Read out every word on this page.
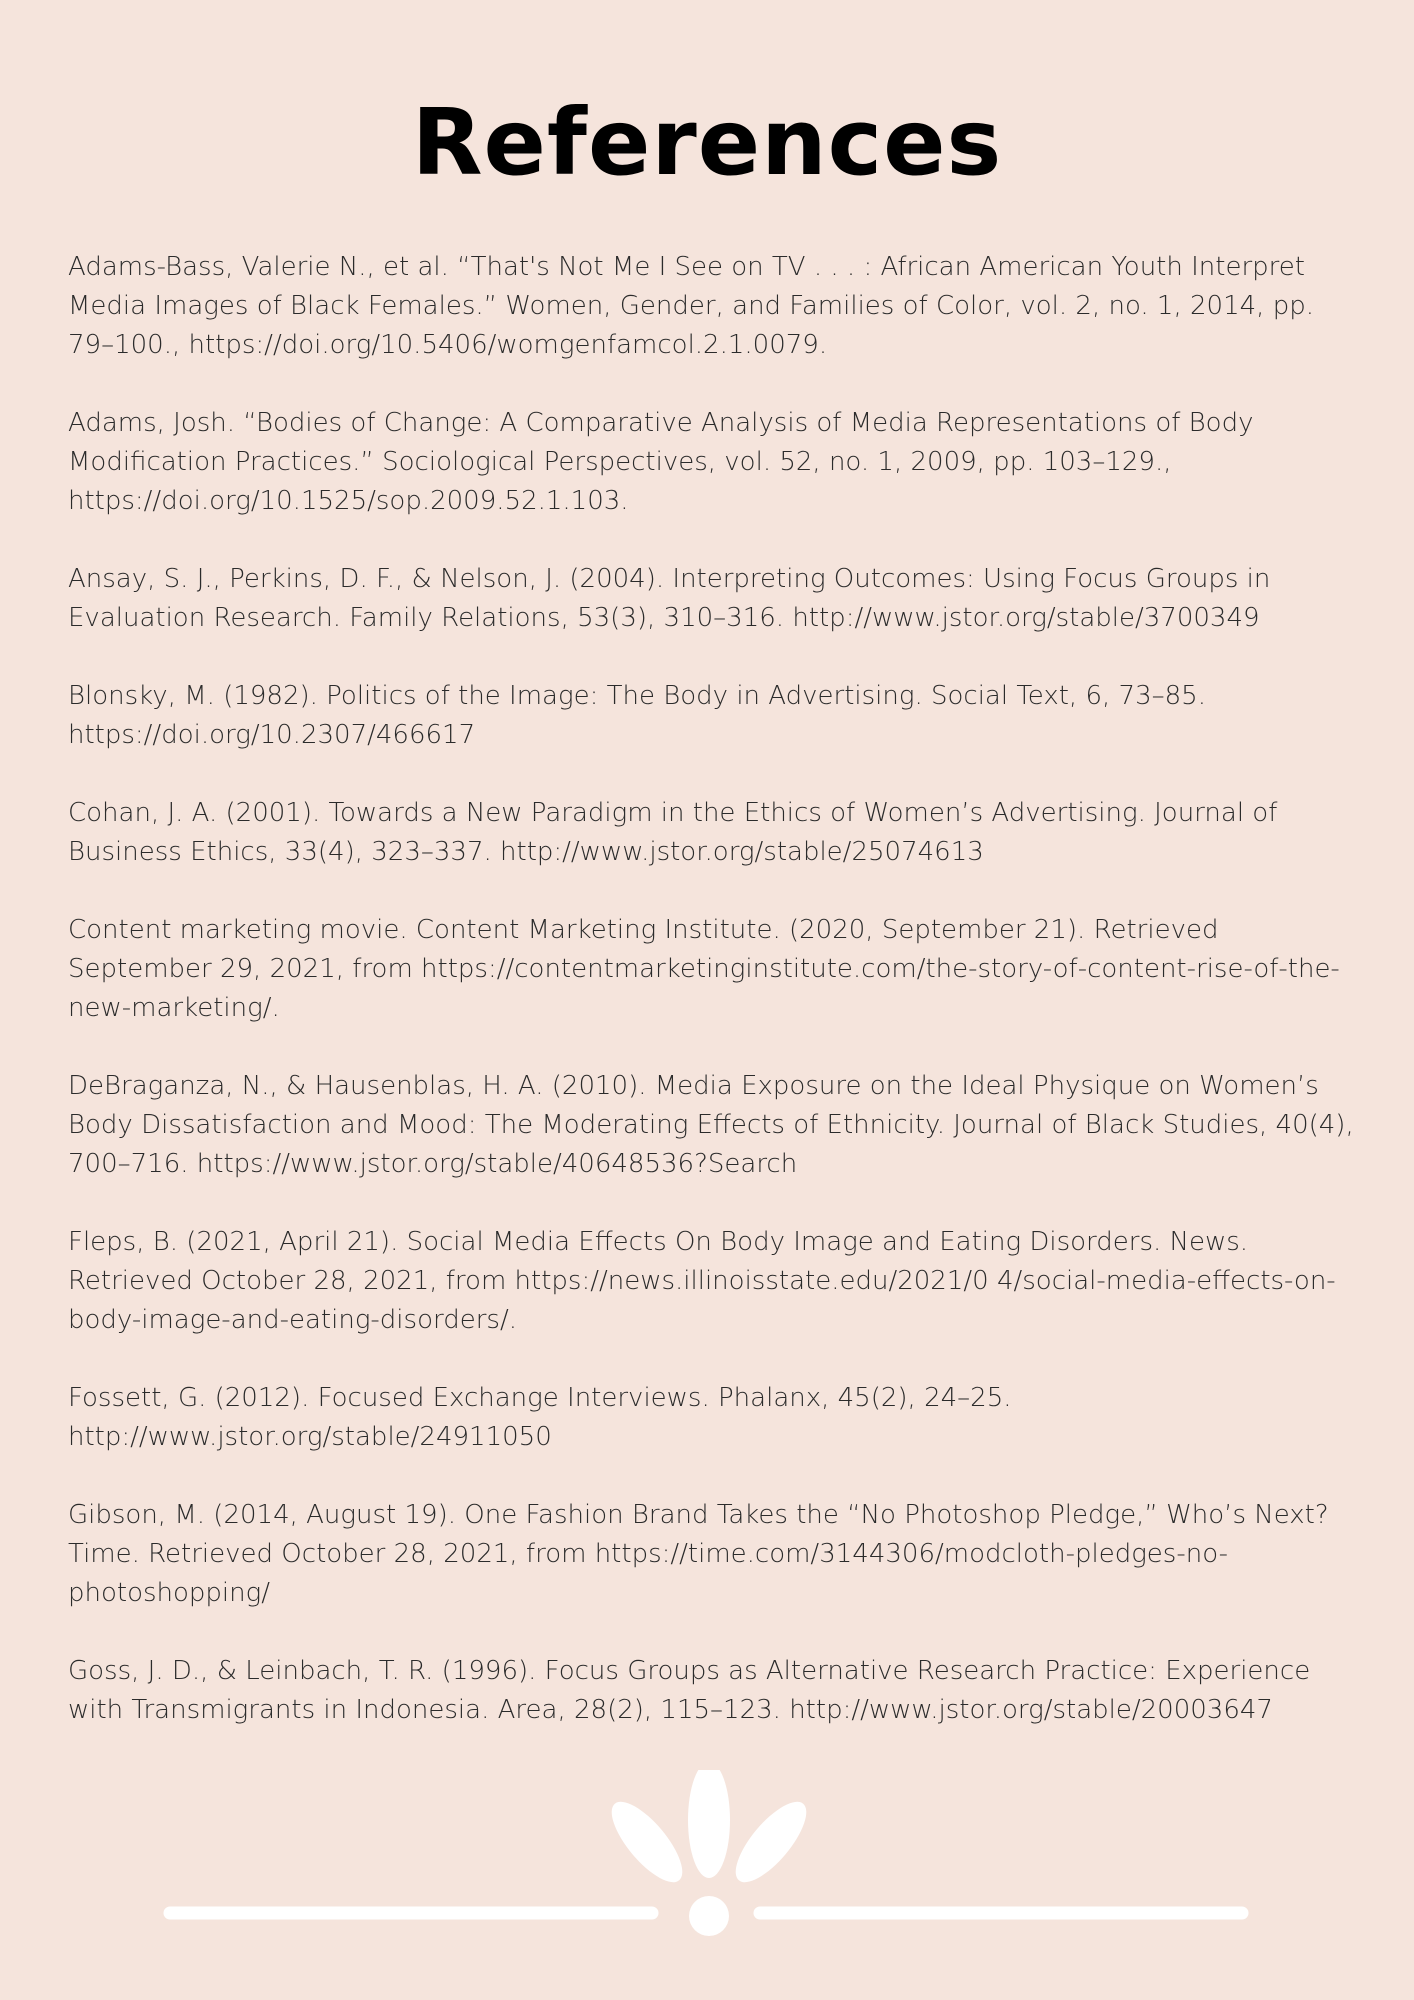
References
Adams-Bass, Valerie N., et al. “That's Not Me I See on TV . . . : African American Youth Interpret Media Images of Black Females.” Women, Gender, and Families of Color, vol. 2, no. 1, 2014, pp. 79–100., https://doi.org/10.5406/womgenfamcol.2.1.0079.
Adams, Josh. “Bodies of Change: A Comparative Analysis of Media Representations of Body Modification Practices.” Sociological Perspectives, vol. 52, no. 1, 2009, pp. 103–129., https://doi.org/10.1525/sop.2009.52.1.103.
Ansay, S. J., Perkins, D. F., & Nelson, J. (2004). Interpreting Outcomes: Using Focus Groups in Evaluation Research. Family Relations, 53(3), 310–316. http://www.jstor.org/stable/3700349
Blonsky, M. (1982). Politics of the Image: The Body in Advertising. Social Text, 6, 73–85. https://doi.org/10.2307/466617
Cohan, J. A. (2001). Towards a New Paradigm in the Ethics of Women’s Advertising. Journal of Business Ethics, 33(4), 323–337. http://www.jstor.org/stable/25074613
Content marketing movie. Content Marketing Institute. (2020, September 21). Retrieved September 29, 2021, from https://contentmarketinginstitute.com/the-story-of-content-rise-of-the-new-marketing/.
DeBraganza, N., & Hausenblas, H. A. (2010). Media Exposure on the Ideal Physique on Women’s Body Dissatisfaction and Mood: The Moderating Effects of Ethnicity. Journal of Black Studies, 40(4), 700–716. https://www.jstor.org/stable/40648536?Search
Fleps, B. (2021, April 21). Social Media Effects On Body Image and Eating Disorders. News. Retrieved October 28, 2021, from https://news.illinoisstate.edu/2021/0 4/social-media-effects-on-body-image-and-eating-disorders/.
Fossett, G. (2012). Focused Exchange Interviews. Phalanx, 45(2), 24–25. http://www.jstor.org/stable/24911050
Gibson, M. (2014, August 19). One Fashion Brand Takes the “No Photoshop Pledge,” Who’s Next? Time. Retrieved October 28, 2021, from https://time.com/3144306/modcloth-pledges-no-photoshopping/
Goss, J. D., & Leinbach, T. R. (1996). Focus Groups as Alternative Research Practice: Experience with Transmigrants in Indonesia. Area, 28(2), 115–123. http://www.jstor.org/stable/20003647
